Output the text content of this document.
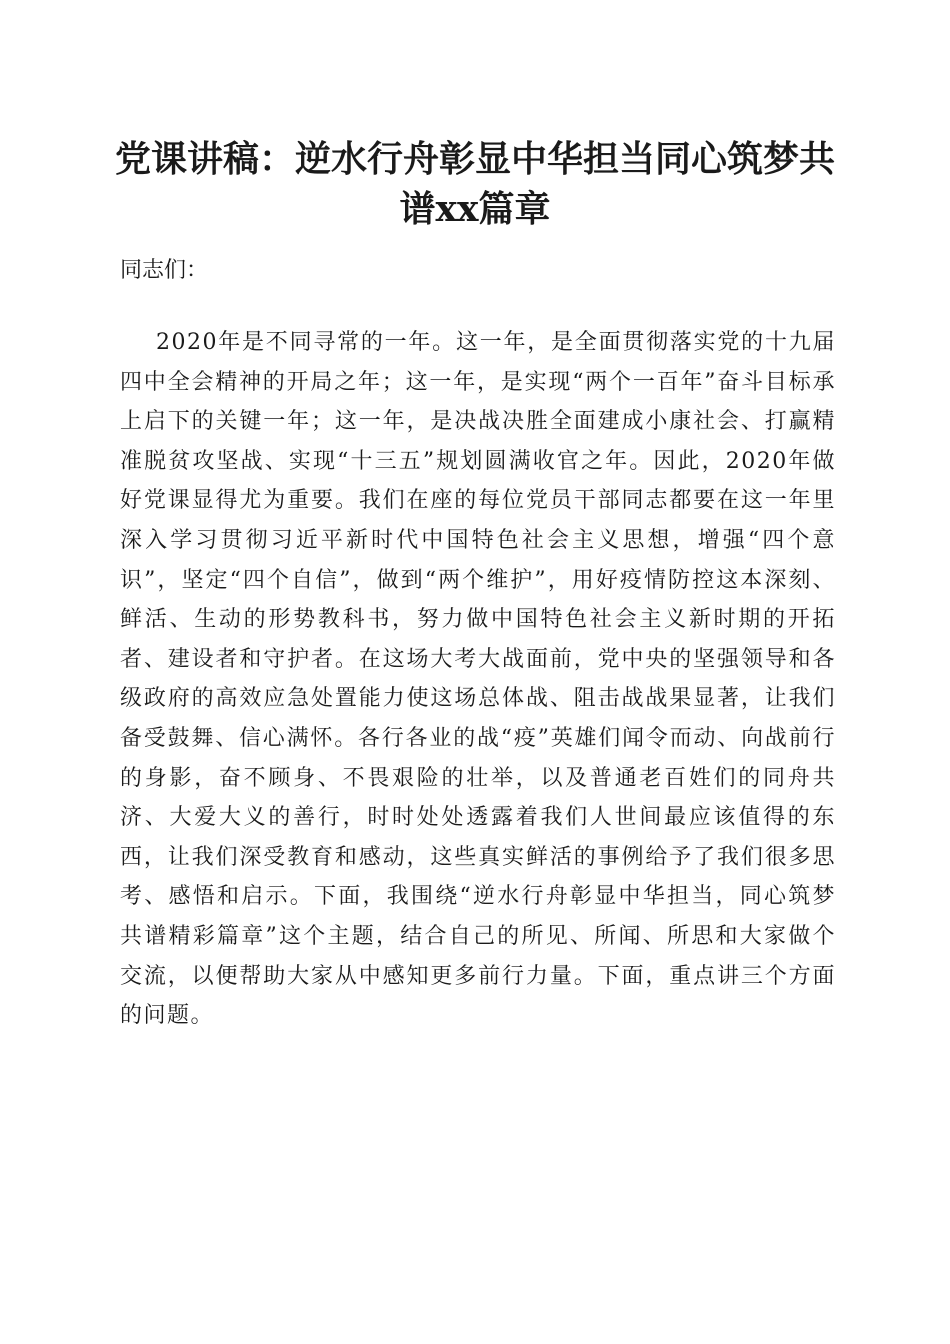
党课讲稿：逆水行舟彰显中华担当同心筑梦共谱xx篇章

同志们：

2020年是不同寻常的一年。这一年，是全面贯彻落实党的十九届四中全会精神的开局之年；这一年，是实现“两个一百年”奋斗目标承上启下的关键一年；这一年，是决战决胜全面建成小康社会、打赢精准脱贫攻坚战、实现“十三五”规划圆满收官之年。因此，2020年做好党课显得尤为重要。我们在座的每位党员干部同志都要在这一年里深入学习贯彻习近平新时代中国特色社会主义思想，增强“四个意识”，坚定“四个自信”，做到“两个维护”，用好疫情防控这本深刻、鲜活、生动的形势教科书，努力做中国特色社会主义新时期的开拓者、建设者和守护者。在这场大考大战面前，党中央的坚强领导和各级政府的高效应急处置能力使这场总体战、阻击战战果显著，让我们备受鼓舞、信心满怀。各行各业的战“疫”英雄们闻令而动、向战前行的身影，奋不顾身、不畏艰险的壮举，以及普通老百姓们的同舟共济、大爱大义的善行，时时处处透露着我们人世间最应该值得的东西，让我们深受教育和感动，这些真实鲜活的事例给予了我们很多思考、感悟和启示。下面，我围绕“逆水行舟彰显中华担当，同心筑梦共谱精彩篇章”这个主题，结合自己的所见、所闻、所思和大家做个交流，以便帮助大家从中感知更多前行力量。下面，重点讲三个方面的问题。
